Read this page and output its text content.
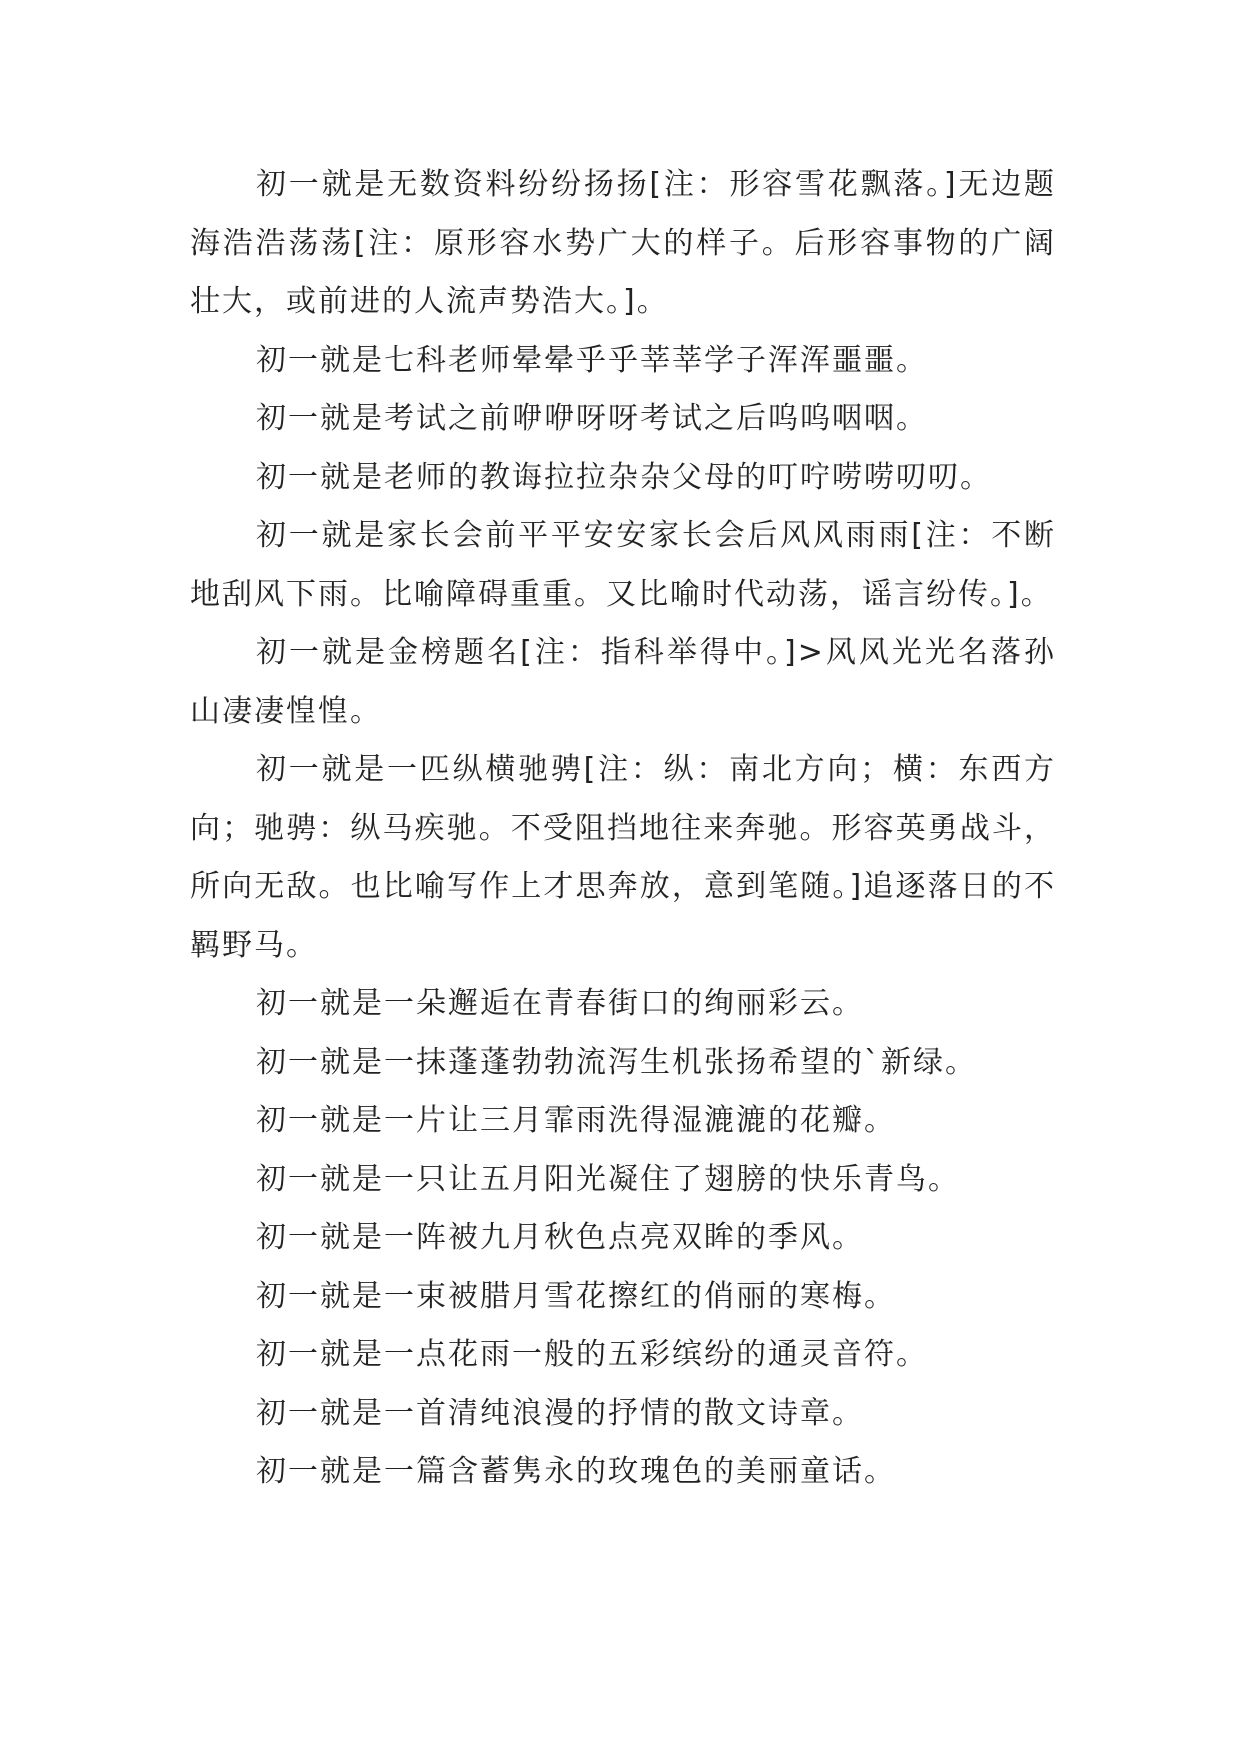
初一就是无数资料纷纷扬扬[注：形容雪花飘落。]无边题海浩浩荡荡[注：原形容水势广大的样子。后形容事物的广阔壮大，或前进的人流声势浩大。]。

初一就是七科老师晕晕乎乎莘莘学子浑浑噩噩。

初一就是考试之前咿咿呀呀考试之后呜呜咽咽。

初一就是老师的教诲拉拉杂杂父母的叮咛唠唠叨叨。

初一就是家长会前平平安安家长会后风风雨雨[注：不断地刮风下雨。比喻障碍重重。又比喻时代动荡，谣言纷传。]。

初一就是金榜题名[注：指科举得中。]>风风光光名落孙山凄凄惶惶。

初一就是一匹纵横驰骋[注：纵：南北方向；横：东西方向；驰骋：纵马疾驰。不受阻挡地往来奔驰。形容英勇战斗，所向无敌。也比喻写作上才思奔放，意到笔随。]追逐落日的不羁野马。

初一就是一朵邂逅在青春街口的绚丽彩云。

初一就是一抹蓬蓬勃勃流泻生机张扬希望的`新绿。

初一就是一片让三月霏雨洗得湿漉漉的花瓣。

初一就是一只让五月阳光凝住了翅膀的快乐青鸟。

初一就是一阵被九月秋色点亮双眸的季风。

初一就是一束被腊月雪花擦红的俏丽的寒梅。

初一就是一点花雨一般的五彩缤纷的通灵音符。

初一就是一首清纯浪漫的抒情的散文诗章。

初一就是一篇含蓄隽永的玫瑰色的美丽童话。
